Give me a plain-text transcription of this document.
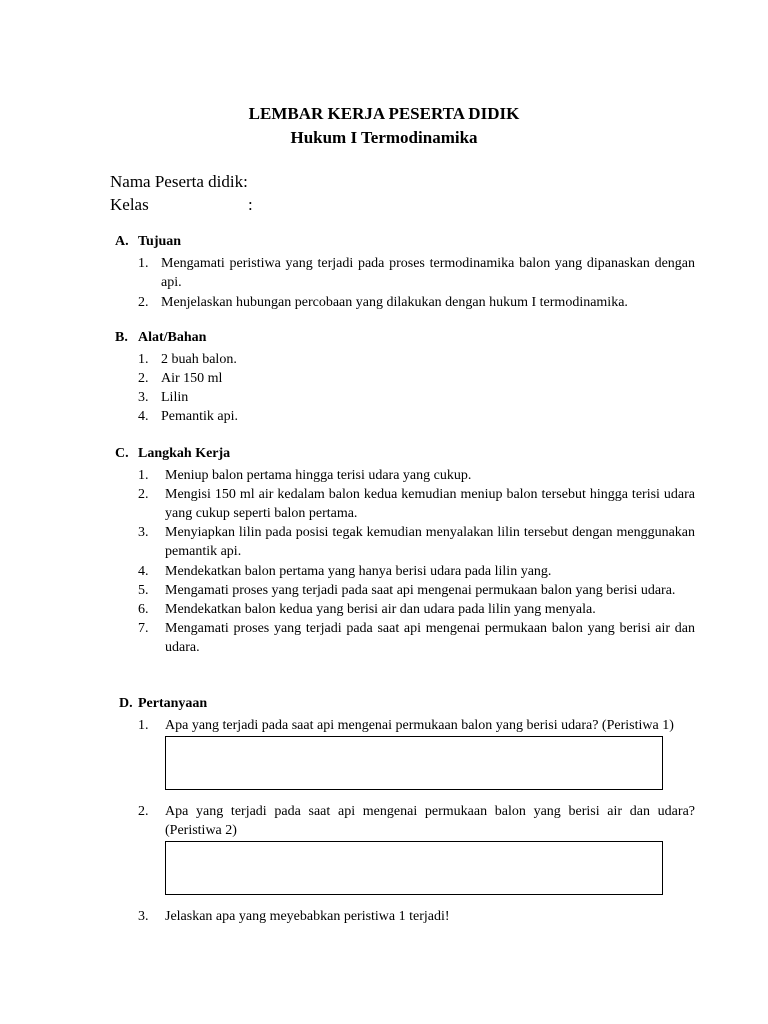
LEMBAR KERJA PESERTA DIDIK
Hukum I Termodinamika
Nama Peserta didik:
Kelas	:
A. Tujuan
1. Mengamati peristiwa yang terjadi pada proses termodinamika balon yang dipanaskan dengan api.
2. Menjelaskan hubungan percobaan yang dilakukan dengan hukum I termodinamika.
B. Alat/Bahan
1. 2 buah balon.
2. Air 150 ml
3. Lilin
4. Pemantik api.
C. Langkah Kerja
1. Meniup balon pertama hingga terisi udara yang cukup.
2. Mengisi 150 ml air kedalam balon kedua kemudian meniup balon tersebut hingga terisi udara yang cukup seperti balon pertama.
3. Menyiapkan lilin pada posisi tegak kemudian menyalakan lilin tersebut dengan menggunakan pemantik api.
4. Mendekatkan balon pertama yang hanya berisi udara pada lilin yang.
5. Mengamati proses yang terjadi pada saat api mengenai permukaan balon yang berisi udara.
6. Mendekatkan balon kedua yang berisi air dan udara pada lilin yang menyala.
7. Mengamati proses yang terjadi pada saat api mengenai permukaan balon yang berisi air dan udara.
D. Pertanyaan
1. Apa yang terjadi pada saat api mengenai permukaan balon yang berisi udara? (Peristiwa 1)
2. Apa yang terjadi pada saat api mengenai permukaan balon yang berisi air dan udara? (Peristiwa 2)
3. Jelaskan apa yang meyebabkan peristiwa 1 terjadi!
